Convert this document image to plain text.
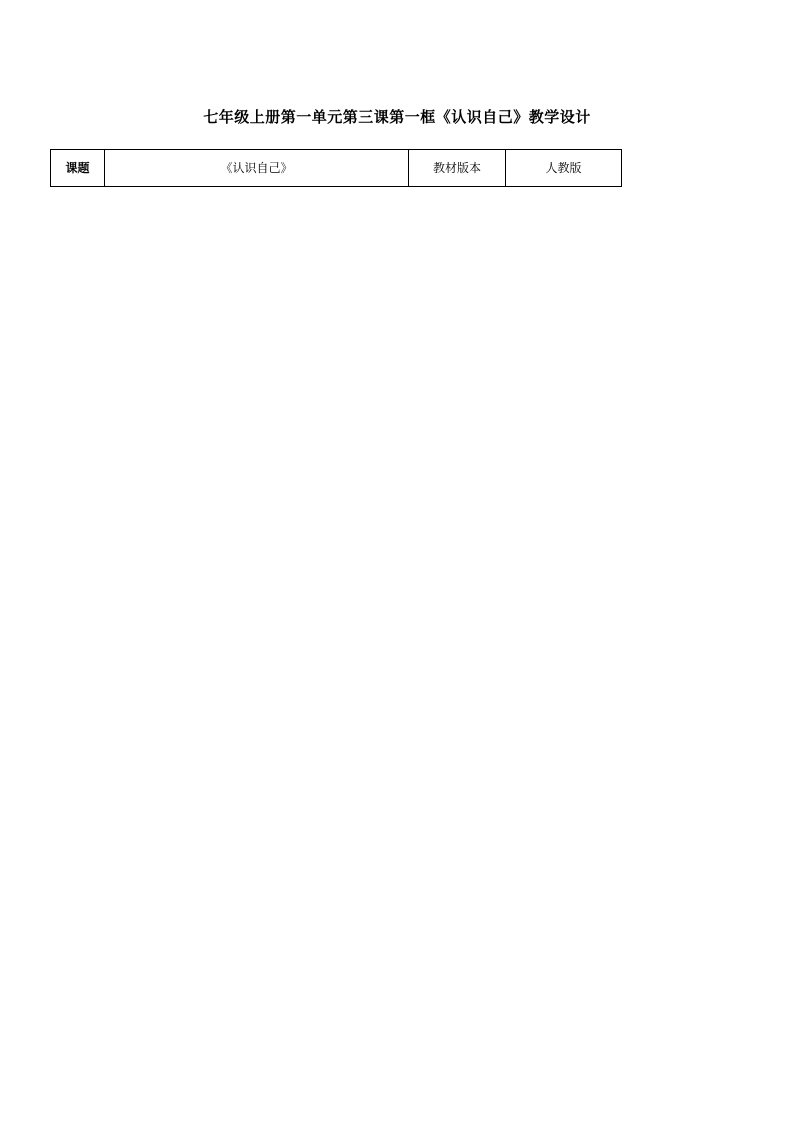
七年级上册第一单元第三课第一框《认识自己》教学设计
课题	《认识自己》	教材版本	人教版
